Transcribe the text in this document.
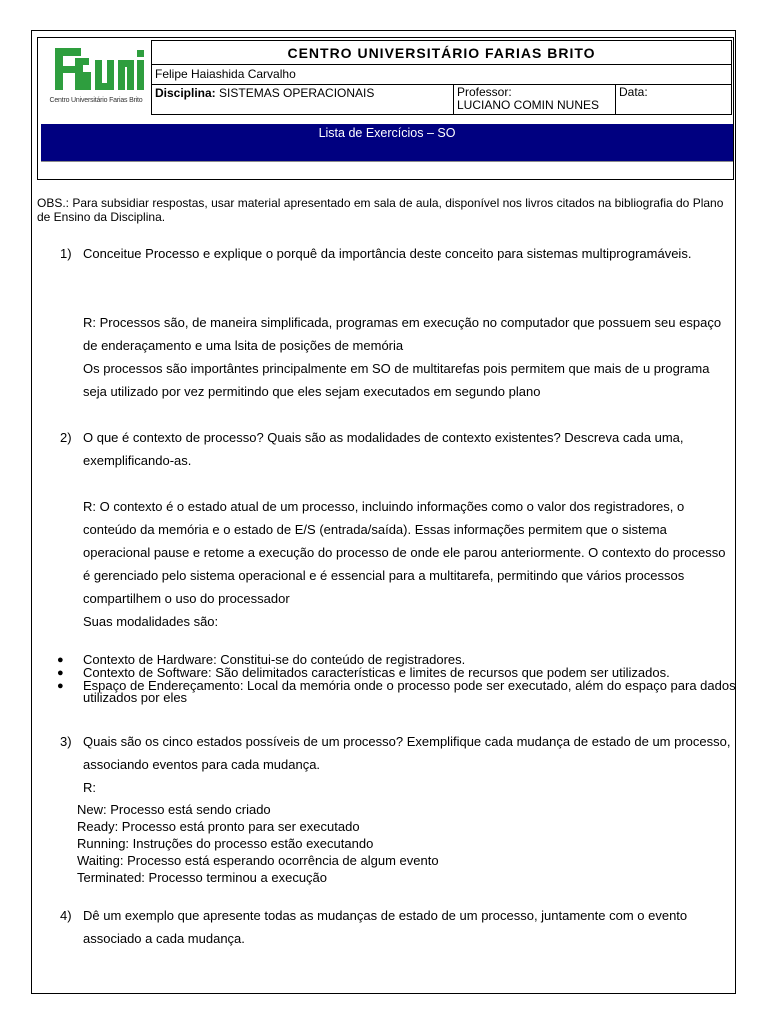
Centro Universitário Farias Brito
CENTRO UNIVERSITÁRIO FARIAS BRITO
Felipe Haiashida Carvalho
Disciplina: SISTEMAS OPERACIONAIS	Professor:
LUCIANO COMIN NUNES
Data:
Lista de Exercícios – SO
OBS.: Para subsidiar respostas, usar material apresentado em sala de aula, disponível nos livros citados na bibliografia do Plano de Ensino da Disciplina.
1) Conceitue Processo e explique o porquê da importância deste conceito para sistemas multiprogramáveis.
R: Processos são, de maneira simplificada, programas em execução no computador que possuem seu espaço de enderaçamento e uma lsita de posições de memória
Os processos são importântes principalmente em SO de multitarefas pois permitem que mais de u programa seja utilizado por vez permitindo que eles sejam executados em segundo plano
2) O que é contexto de processo? Quais são as modalidades de contexto existentes? Descreva cada uma, exemplificando-as.
R: O contexto é o estado atual de um processo, incluindo informações como o valor dos registradores, o conteúdo da memória e o estado de E/S (entrada/saída). Essas informações permitem que o sistema operacional pause e retome a execução do processo de onde ele parou anteriormente. O contexto do processo é gerenciado pelo sistema operacional e é essencial para a multitarefa, permitindo que vários processos compartilhem o uso do processador
Suas modalidades são:
● Contexto de Hardware: Constitui-se do conteúdo de registradores.
● Contexto de Software: São delimitados características e limites de recursos que podem ser utilizados.
● Espaço de Endereçamento: Local da memória onde o processo pode ser executado, além do espaço para dados utilizados por eles
3) Quais são os cinco estados possíveis de um processo? Exemplifique cada mudança de estado de um processo, associando eventos para cada mudança.
R:
New: Processo está sendo criado
Ready: Processo está pronto para ser executado
Running: Instruções do processo estão executando
Waiting: Processo está esperando ocorrência de algum evento
Terminated: Processo terminou a execução
4) Dê um exemplo que apresente todas as mudanças de estado de um processo, juntamente com o evento associado a cada mudança.
